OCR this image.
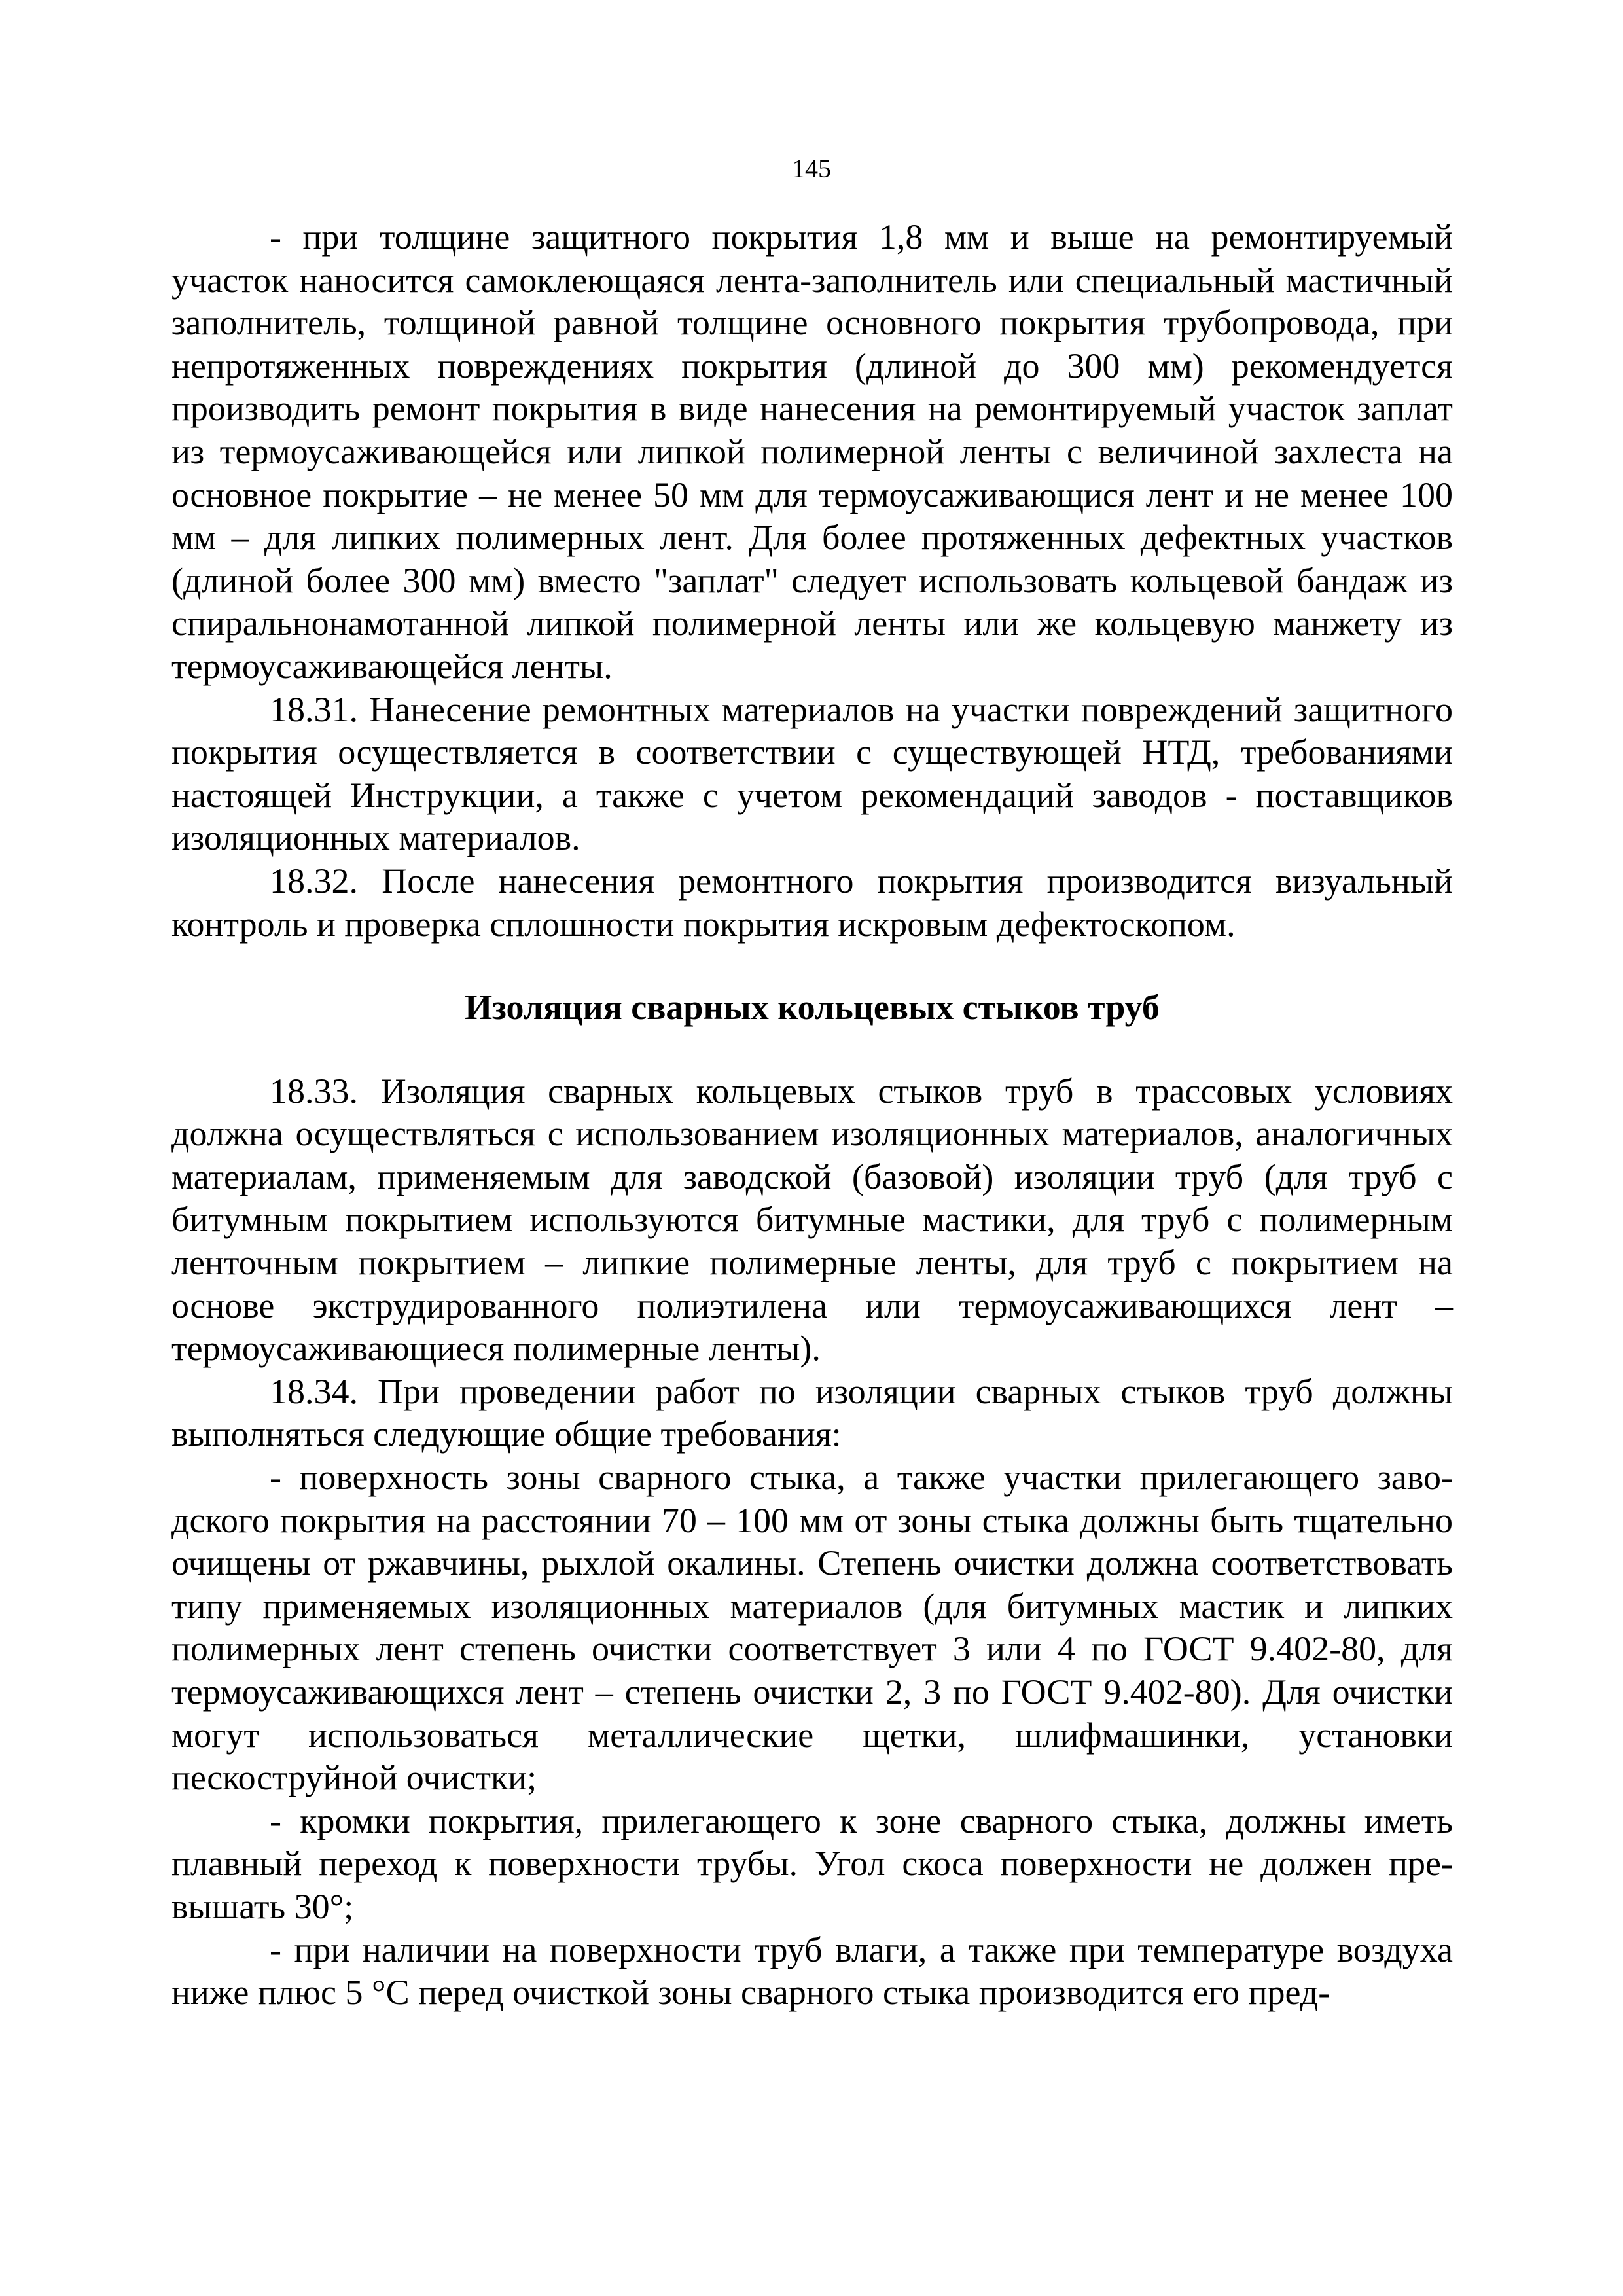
145

- при толщине защитного покрытия 1,8 мм и выше на ремонтируемый участок наносится самоклеющаяся лента-заполнитель или специальный мастичный заполнитель, толщиной равной толщине основного покрытия трубопровода, при непротяженных повреждениях покрытия (длиной до 300 мм) рекомендуется производить ремонт покрытия в виде нанесения на ремонтируемый участок заплат из термоусаживающейся или липкой полимерной ленты с величиной захлеста на основное покрытие – не менее 50 мм для термоусаживающися лент и не менее 100 мм – для липких полимерных лент. Для более протяженных дефектных участков (длиной более 300 мм) вместо "заплат" следует использовать кольцевой бандаж из спиральнонамотанной липкой полимерной ленты или же кольцевую манжету из термоусаживающейся ленты.

18.31. Нанесение ремонтных материалов на участки повреждений защитного покрытия осуществляется в соответствии с существующей НТД, требованиями настоящей Инструкции, а также с учетом рекомендаций заводов - поставщиков изоляционных материалов.

18.32. После нанесения ремонтного покрытия производится визуальный контроль и проверка сплошности покрытия искровым дефектоскопом.

Изоляция сварных кольцевых стыков труб

18.33. Изоляция сварных кольцевых стыков труб в трассовых условиях должна осуществляться с использованием изоляционных материалов, аналогичных материалам, применяемым для заводской (базовой) изоляции труб (для труб с битумным покрытием используются битумные мастики, для труб с полимерным ленточным покрытием – липкие полимерные ленты, для труб с покрытием на основе экструдированного полиэтилена или термоусаживающихся лент – термоусаживающиеся полимерные ленты).

18.34. При проведении работ по изоляции сварных стыков труб должны выполняться следующие общие требования:

- поверхность зоны сварного стыка, а также участки прилегающего заводского покрытия на расстоянии 70 – 100 мм от зоны стыка должны быть тщательно очищены от ржавчины, рыхлой окалины. Степень очистки должна соответствовать типу применяемых изоляционных материалов (для битумных мастик и липких полимерных лент степень очистки соответствует 3 или 4 по ГОСТ 9.402-80, для термоусаживающихся лент – степень очистки 2, 3 по ГОСТ 9.402-80). Для очистки могут использоваться металлические щетки, шлифмашинки, установки пескоструйной очистки;

- кромки покрытия, прилегающего к зоне сварного стыка, должны иметь плавный переход к поверхности трубы. Угол скоса поверхности не должен превышать 30°;

- при наличии на поверхности труб влаги, а также при температуре воздуха ниже плюс 5 °С перед очисткой зоны сварного стыка производится его пред-
